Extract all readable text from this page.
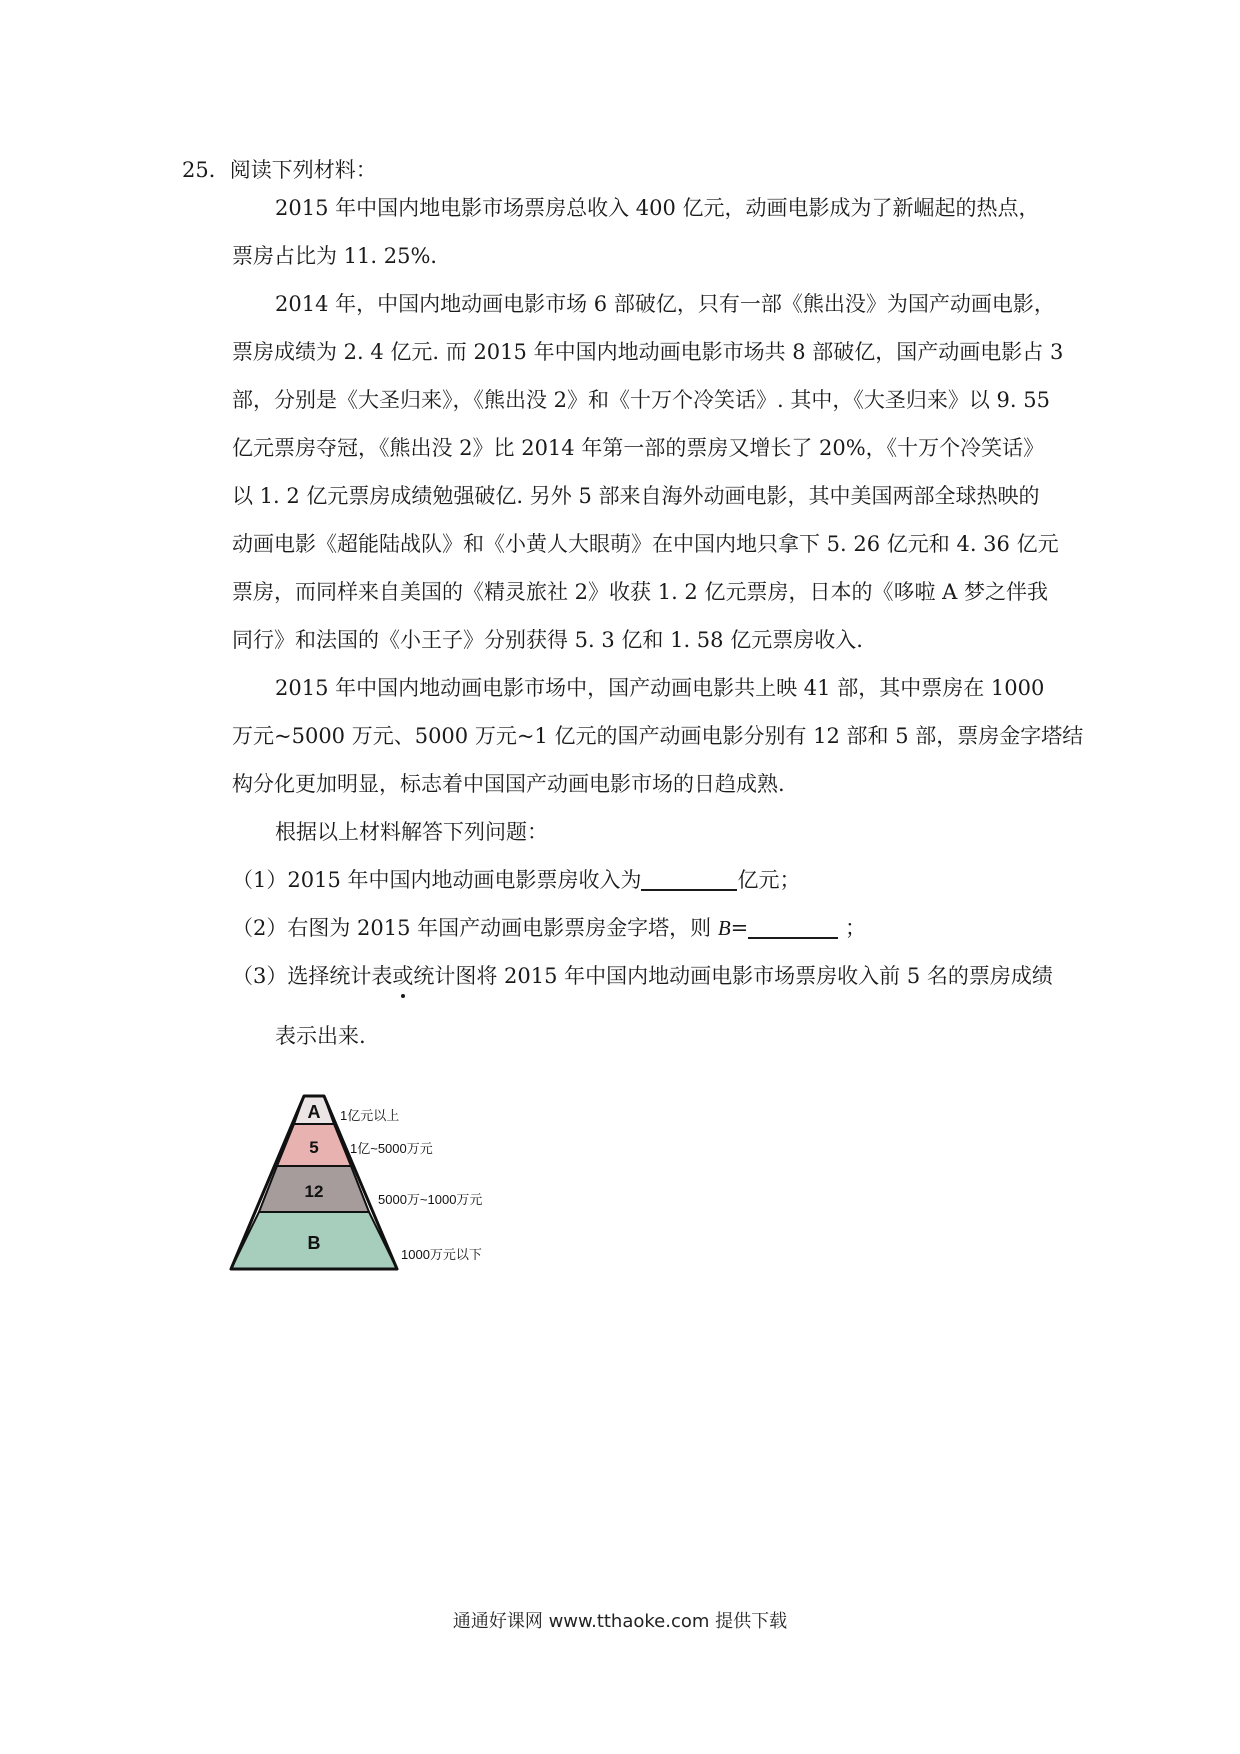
25．阅读下列材料：
2015 年中国内地电影市场票房总收入 400 亿元，动画电影成为了新崛起的热点，
票房占比为 11. 25%．
2014 年，中国内地动画电影市场 6 部破亿，只有一部《熊出没》为国产动画电影，
票房成绩为 2. 4 亿元. 而 2015 年中国内地动画电影市场共 8 部破亿，国产动画电影占 3
部，分别是《大圣归来》，《熊出没 2》和《十万个冷笑话》. 其中，《大圣归来》以 9. 55
亿元票房夺冠，《熊出没 2》比 2014 年第一部的票房又增长了 20%，《十万个冷笑话》
以 1. 2 亿元票房成绩勉强破亿. 另外 5 部来自海外动画电影，其中美国两部全球热映的
动画电影《超能陆战队》和《小黄人大眼萌》在中国内地只拿下 5. 26 亿元和 4. 36 亿元
票房，而同样来自美国的《精灵旅社 2》收获 1. 2 亿元票房，日本的《哆啦 A 梦之伴我
同行》和法国的《小王子》分别获得 5. 3 亿和 1. 58 亿元票房收入.
2015 年中国内地动画电影市场中，国产动画电影共上映 41 部，其中票房在 1000
万元~5000 万元、5000 万元~1 亿元的国产动画电影分别有 12 部和 5 部，票房金字塔结
构分化更加明显，标志着中国国产动画电影市场的日趋成熟.
根据以上材料解答下列问题：
（1）2015 年中国内地动画电影票房收入为	亿元；
（2）右图为 2015 年国产动画电影票房金字塔，则 B=	；
（3）选择统计表或统计图将 2015 年中国内地动画电影市场票房收入前 5 名的票房成绩
表示出来.
A
5
12
B
1亿元以上
1亿~5000万元
5000万~1000万元
1000万元以下
通通好课网 www.tthaoke.com 提供下载
